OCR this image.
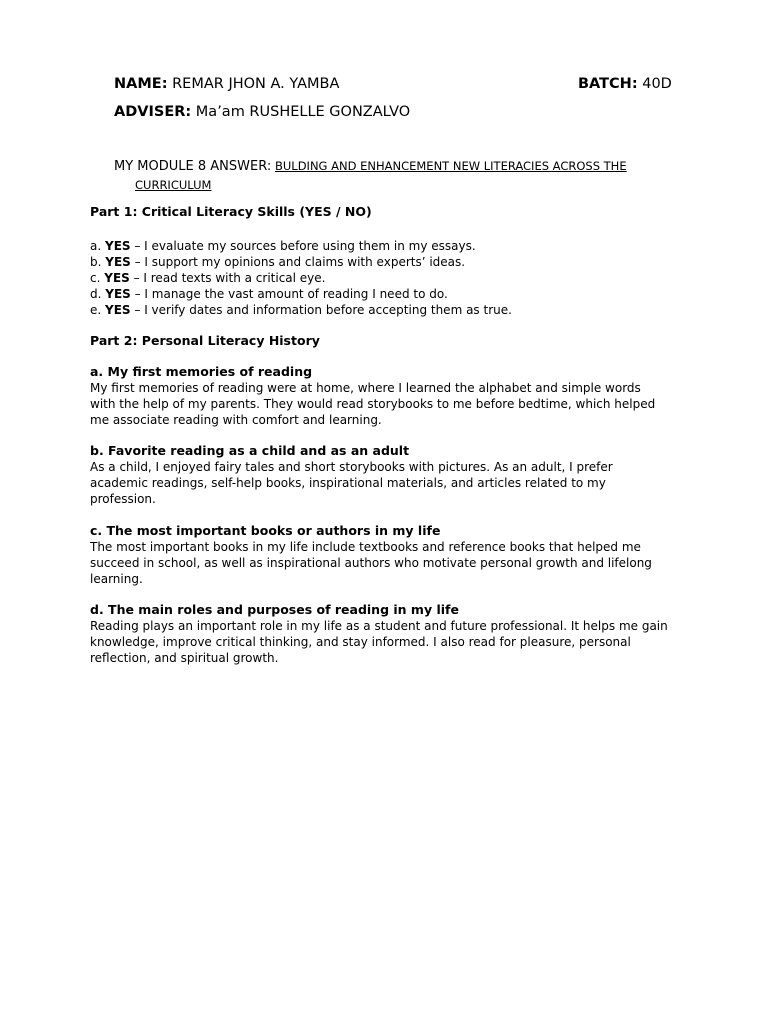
NAME: REMAR JHON A. YAMBA	BATCH: 40D
ADVISER: Ma’am RUSHELLE GONZALVO
MY MODULE 8 ANSWER: BULDING AND ENHANCEMENT NEW LITERACIES ACROSS THE
CURRICULUM
Part 1: Critical Literacy Skills (YES / NO)
a. YES – I evaluate my sources before using them in my essays.
b. YES – I support my opinions and claims with experts’ ideas.
c. YES – I read texts with a critical eye.
d. YES – I manage the vast amount of reading I need to do.
e. YES – I verify dates and information before accepting them as true.
Part 2: Personal Literacy History
a. My first memories of reading
My first memories of reading were at home, where I learned the alphabet and simple words
with the help of my parents. They would read storybooks to me before bedtime, which helped
me associate reading with comfort and learning.
b. Favorite reading as a child and as an adult
As a child, I enjoyed fairy tales and short storybooks with pictures. As an adult, I prefer
academic readings, self-help books, inspirational materials, and articles related to my
profession.
c. The most important books or authors in my life
The most important books in my life include textbooks and reference books that helped me
succeed in school, as well as inspirational authors who motivate personal growth and lifelong
learning.
d. The main roles and purposes of reading in my life
Reading plays an important role in my life as a student and future professional. It helps me gain
knowledge, improve critical thinking, and stay informed. I also read for pleasure, personal
reflection, and spiritual growth.
